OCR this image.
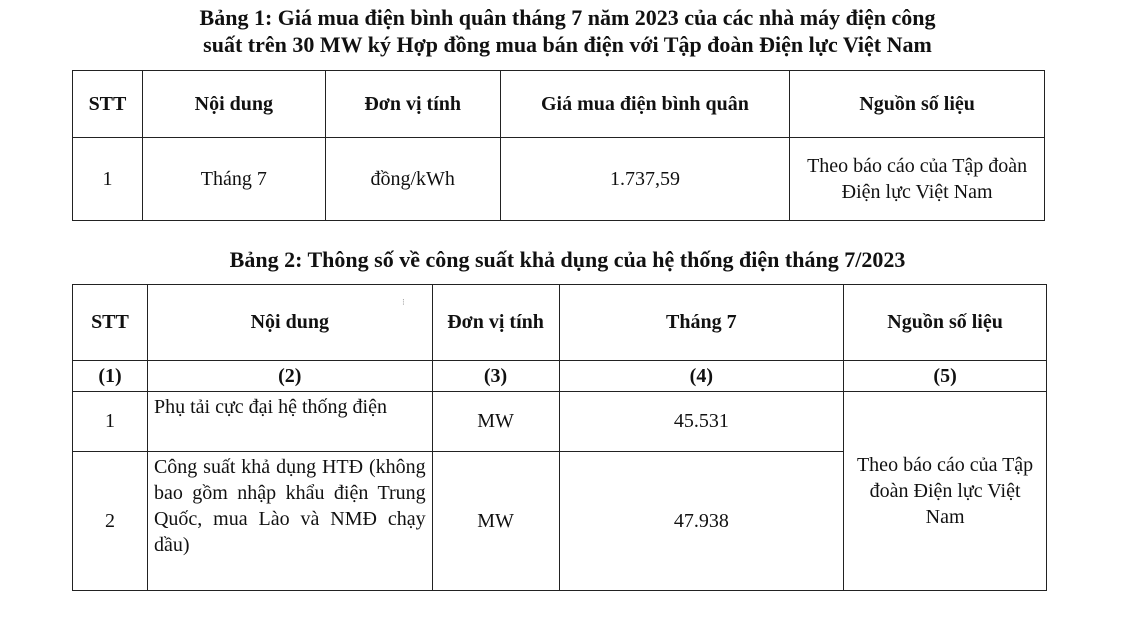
Bảng 1: Giá mua điện bình quân tháng 7 năm 2023 của các nhà máy điện công
suất trên 30 MW ký Hợp đồng mua bán điện với Tập đoàn Điện lực Việt Nam
STT	Nội dung	Đơn vị tính	Giá mua điện bình quân	Nguồn số liệu
1	Tháng 7	đồng/kWh	1.737,59	Theo báo cáo của Tập đoàn Điện lực Việt Nam
Bảng 2: Thông số về công suất khả dụng của hệ thống điện tháng 7/2023
STT	Nội dung	Đơn vị tính	Tháng 7	Nguồn số liệu
(1)	(2)	(3)	(4)	(5)
1	Phụ tải cực đại hệ thống điện	MW	45.531	Theo báo cáo của Tập đoàn Điện lực Việt Nam
2	Công suất khả dụng HTĐ (không bao gồm nhập khẩu điện Trung Quốc, mua Lào và NMĐ chạy dầu)	MW	47.938	
⁝
